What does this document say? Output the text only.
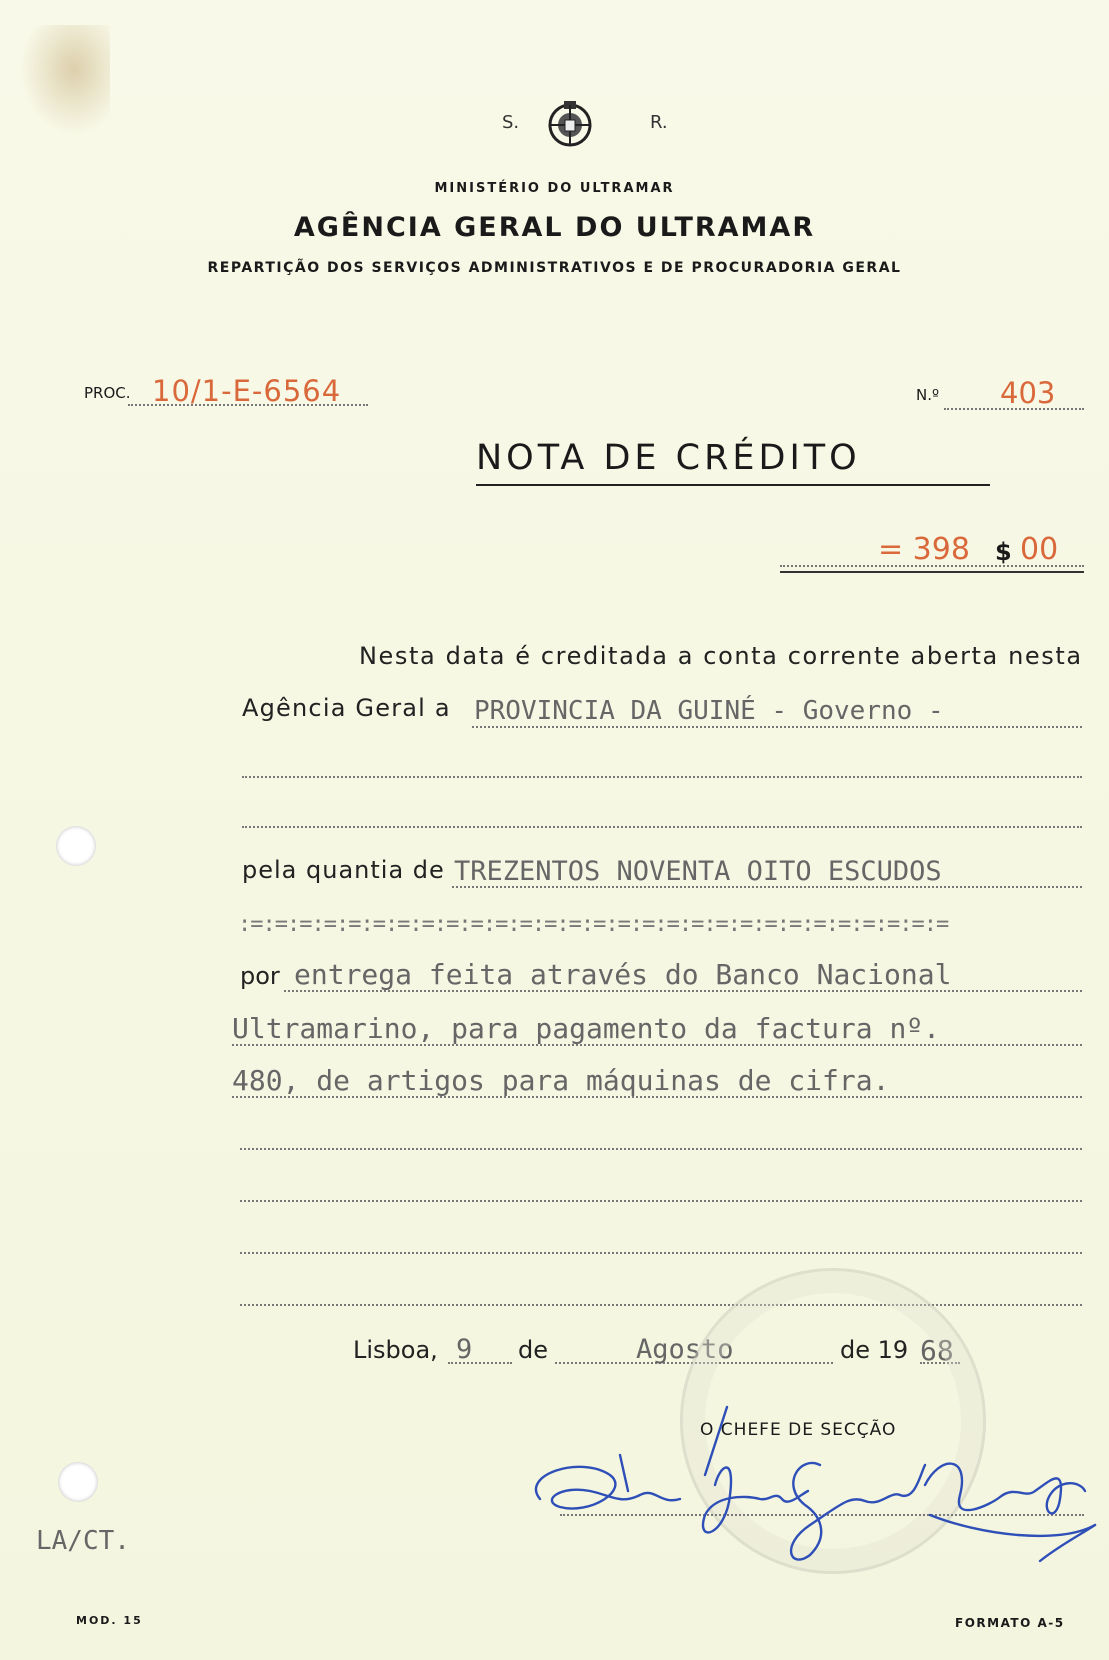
S.	R.
MINISTÉRIO DO ULTRAMAR
AGÊNCIA GERAL DO ULTRAMAR
REPARTIÇÃO DOS SERVIÇOS ADMINISTRATIVOS E DE PROCURADORIA GERAL
PROC. 10/1-E-6564	N.º 403
NOTA DE CRÉDITO
= 398 $ 00
Nesta data é creditada a conta corrente aberta nesta
Agência Geral a PROVINCIA DA GUINÉ - Governo -
pela quantia de TREZENTOS NOVENTA OITO ESCUDOS
:=:=:=:=:=:=:=:=:=:=:=:=:=:=:=:=:=:=:=:=:=:=:=:=:=:=:=:=:=
por entrega feita através do Banco Nacional
Ultramarino, para pagamento da factura nº.
480, de artigos para máquinas de cifra.
Lisboa, 9 de	Agosto	de 19 68
O CHEFE DE SECÇÃO
LA/CT.
MOD. 15	FORMATO A-5
